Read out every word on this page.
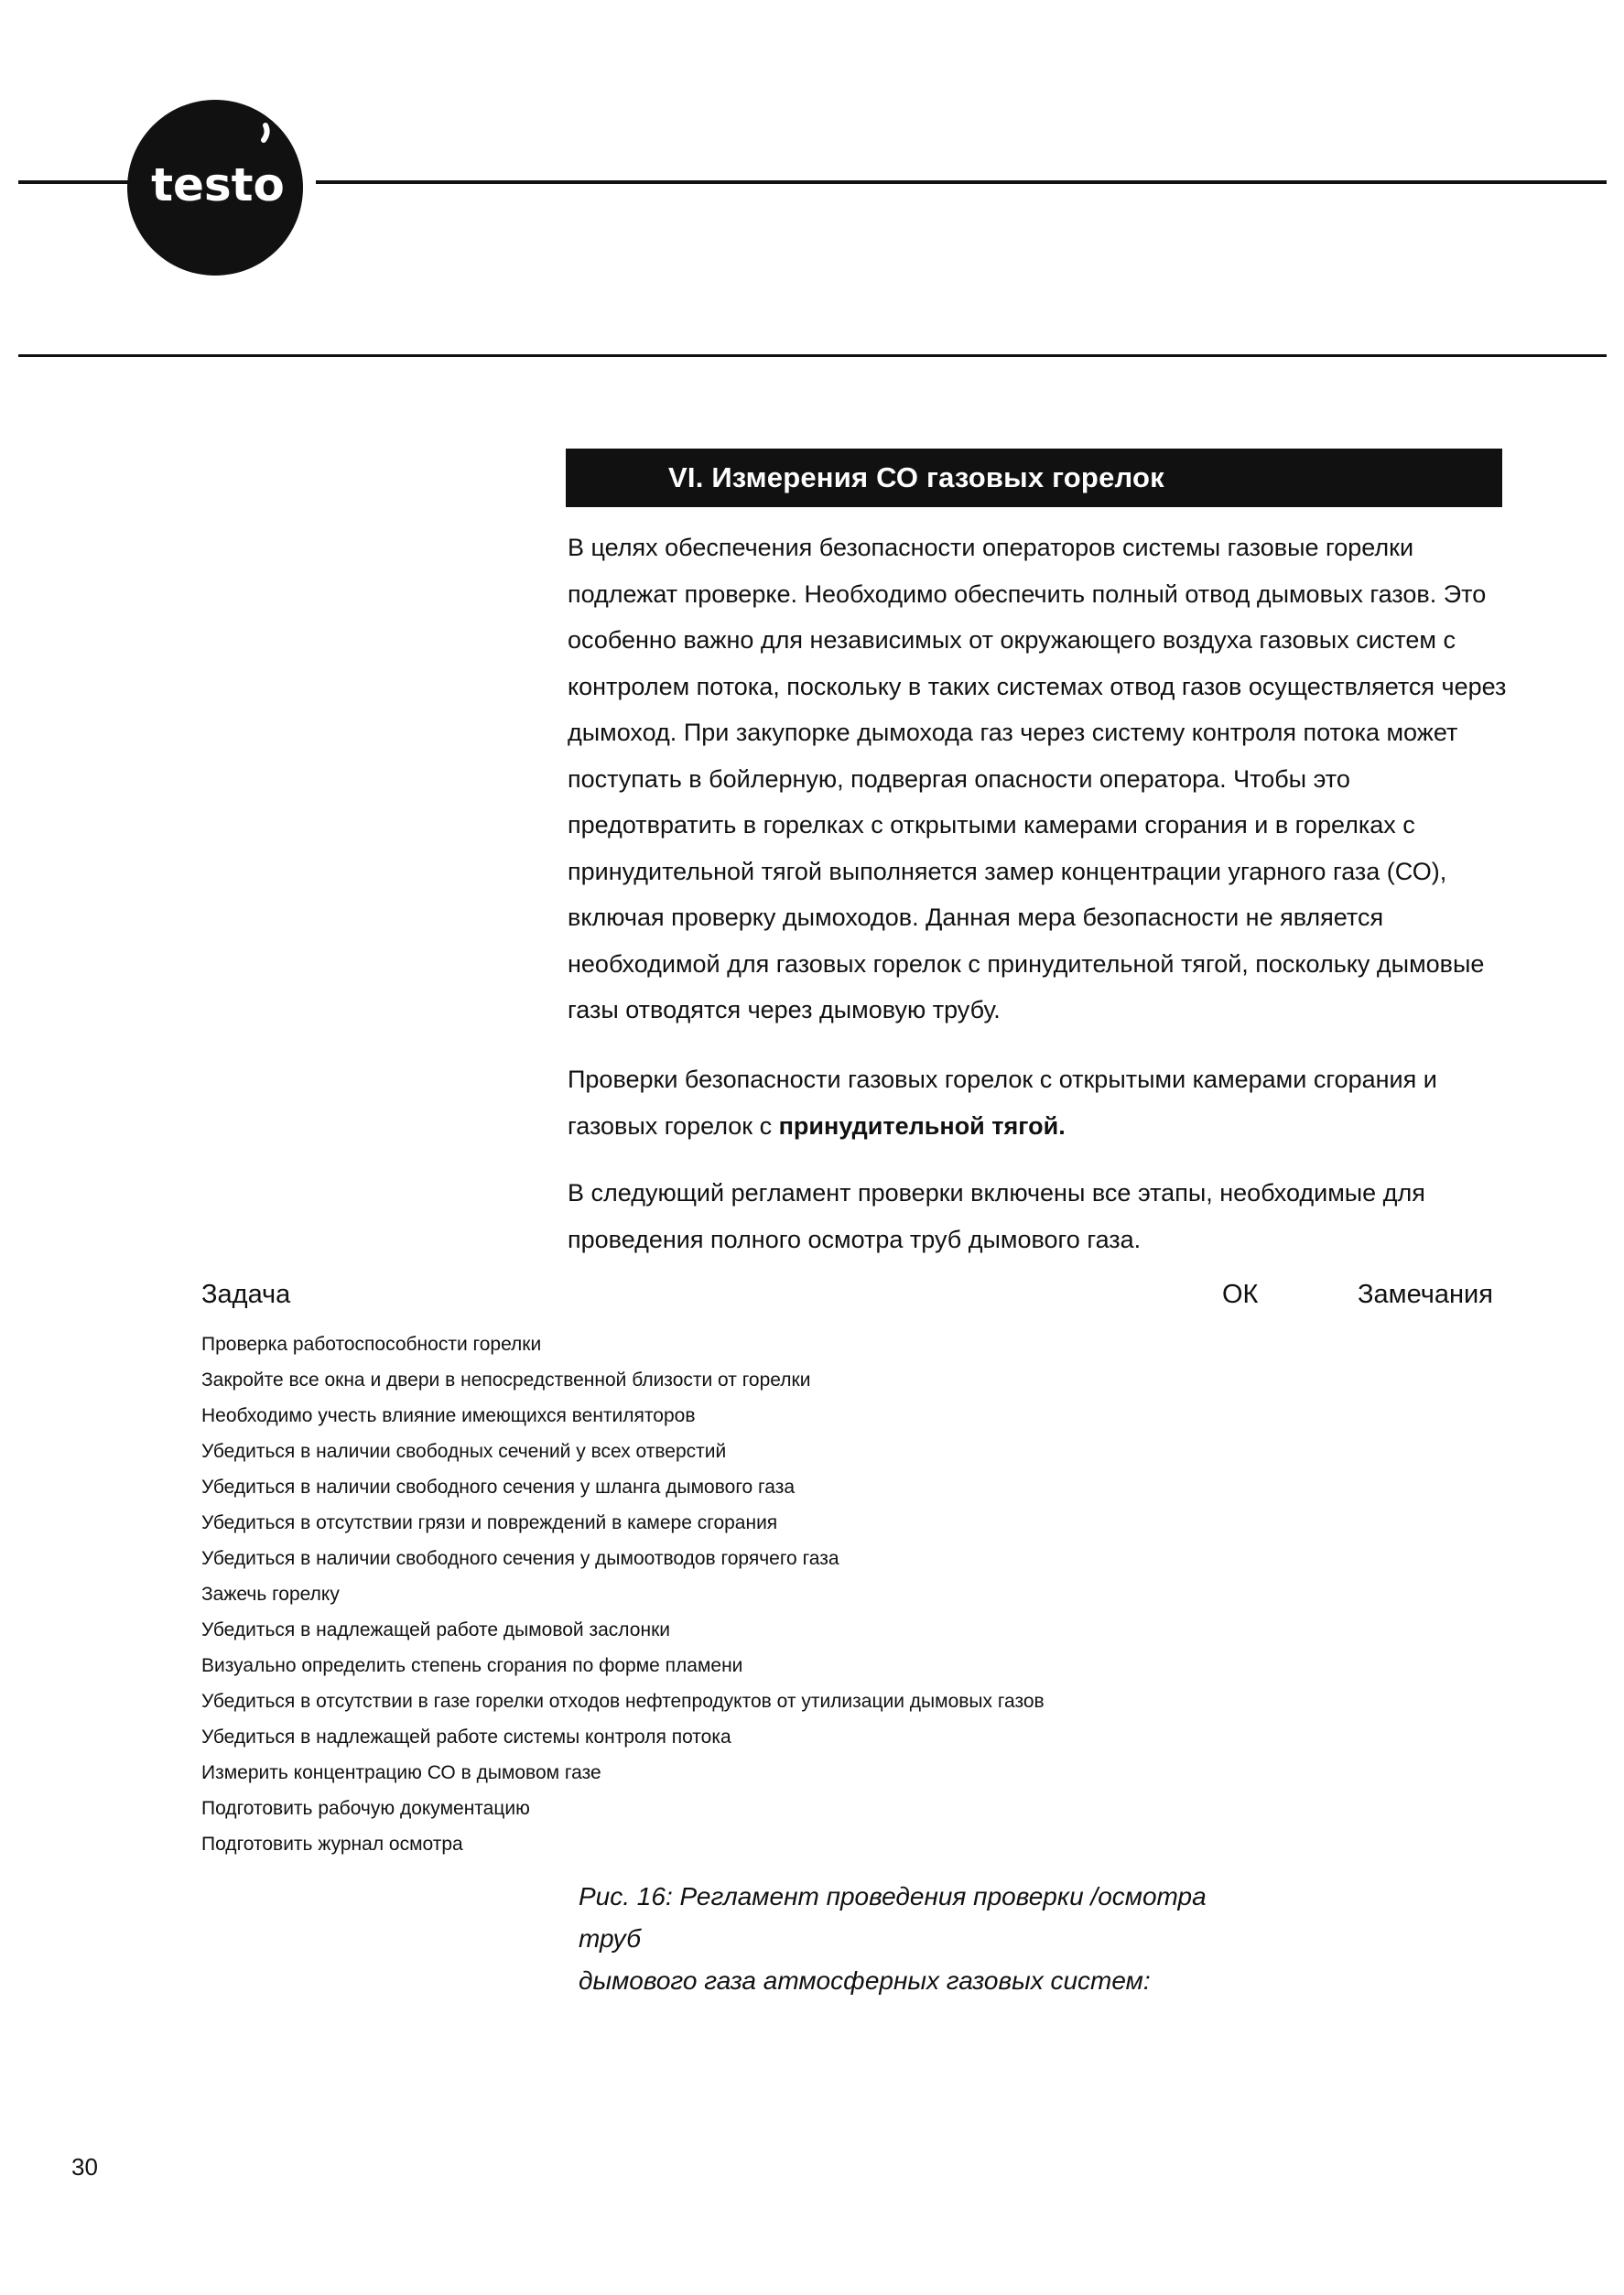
testo
VI. Измерения СО газовых горелок

В целях обеспечения безопасности операторов системы газовые горелки подлежат проверке. Необходимо обеспечить полный отвод дымовых газов. Это особенно важно для независимых от окружающего воздуха газовых систем с контролем потока, поскольку в таких системах отвод газов осуществляется через дымоход. При закупорке дымохода газ через систему контроля потока может поступать в бойлерную, подвергая опасности оператора. Чтобы это предотвратить в горелках с открытыми камерами сгорания и в горелках с принудительной тягой выполняется замер концентрации угарного газа (СО), включая проверку дымоходов. Данная мера безопасности не является необходимой для газовых горелок с принудительной тягой, поскольку дымовые газы отводятся через дымовую трубу.

Проверки безопасности газовых горелок с открытыми камерами сгорания и газовых горелок с принудительной тягой.

В следующий регламент проверки включены все этапы, необходимые для проведения полного осмотра труб дымового газа.

Задача	ОК	Замечания
Проверка работоспособности горелки
Закройте все окна и двери в непосредственной близости от горелки
Необходимо учесть влияние имеющихся вентиляторов
Убедиться в наличии свободных сечений у всех отверстий
Убедиться в наличии свободного сечения у шланга дымового газа
Убедиться в отсутствии грязи и повреждений в камере сгорания
Убедиться в наличии свободного сечения у дымоотводов горячего газа
Зажечь горелку
Убедиться в надлежащей работе дымовой заслонки
Визуально определить степень сгорания по форме пламени
Убедиться в отсутствии в газе горелки отходов нефтепродуктов от утилизации дымовых газов
Убедиться в надлежащей работе системы контроля потока
Измерить концентрацию СО в дымовом газе
Подготовить рабочую документацию
Подготовить журнал осмотра
Рис. 16: Регламент проведения проверки /осмотра труб
дымового газа атмосферных газовых систем:
30
